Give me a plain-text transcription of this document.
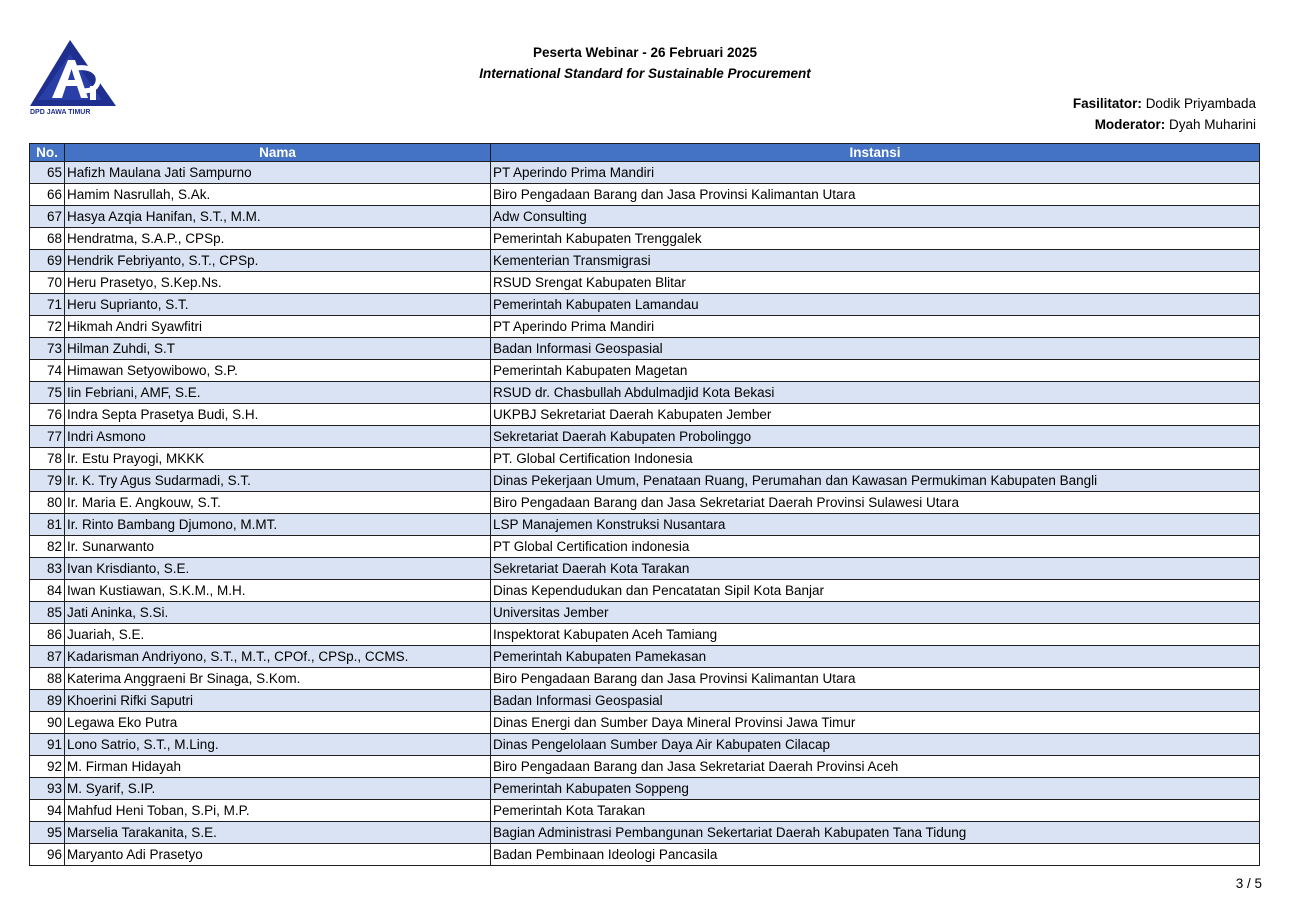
DPD JAWA TIMUR
Peserta Webinar - 26 Februari 2025
International Standard for Sustainable Procurement
Fasilitator: Dodik Priyambada
Moderator: Dyah Muharini
No.	Nama	Instansi
65	Hafizh Maulana Jati Sampurno	PT Aperindo Prima Mandiri
66	Hamim Nasrullah, S.Ak.	Biro Pengadaan Barang dan Jasa Provinsi Kalimantan Utara
67	Hasya Azqia Hanifan, S.T., M.M.	Adw Consulting
68	Hendratma, S.A.P., CPSp.	Pemerintah Kabupaten Trenggalek
69	Hendrik Febriyanto, S.T., CPSp.	Kementerian Transmigrasi
70	Heru Prasetyo, S.Kep.Ns.	RSUD Srengat Kabupaten Blitar
71	Heru Suprianto, S.T.	Pemerintah Kabupaten Lamandau
72	Hikmah Andri Syawfitri	PT Aperindo Prima Mandiri
73	Hilman Zuhdi, S.T	Badan Informasi Geospasial
74	Himawan Setyowibowo, S.P.	Pemerintah Kabupaten Magetan
75	Iin Febriani, AMF, S.E.	RSUD dr. Chasbullah Abdulmadjid Kota Bekasi
76	Indra Septa Prasetya Budi, S.H.	UKPBJ Sekretariat Daerah Kabupaten Jember
77	Indri Asmono	Sekretariat Daerah Kabupaten Probolinggo
78	Ir. Estu Prayogi, MKKK	PT. Global Certification Indonesia
79	Ir. K. Try Agus Sudarmadi, S.T.	Dinas Pekerjaan Umum, Penataan Ruang, Perumahan dan Kawasan Permukiman Kabupaten Bangli
80	Ir. Maria E. Angkouw, S.T.	Biro Pengadaan Barang dan Jasa Sekretariat Daerah Provinsi Sulawesi Utara
81	Ir. Rinto Bambang Djumono, M.MT.	LSP Manajemen Konstruksi Nusantara
82	Ir. Sunarwanto	PT Global Certification indonesia
83	Ivan Krisdianto, S.E.	Sekretariat Daerah Kota Tarakan
84	Iwan Kustiawan, S.K.M., M.H.	Dinas Kependudukan dan Pencatatan Sipil Kota Banjar
85	Jati Aninka, S.Si.	Universitas Jember
86	Juariah, S.E.	Inspektorat Kabupaten Aceh Tamiang
87	Kadarisman Andriyono, S.T., M.T., CPOf., CPSp., CCMS.	Pemerintah Kabupaten Pamekasan
88	Katerima Anggraeni Br Sinaga, S.Kom.	Biro Pengadaan Barang dan Jasa Provinsi Kalimantan Utara
89	Khoerini Rifki Saputri	Badan Informasi Geospasial
90	Legawa Eko Putra	Dinas Energi dan Sumber Daya Mineral Provinsi Jawa Timur
91	Lono Satrio, S.T., M.Ling.	Dinas Pengelolaan Sumber Daya Air Kabupaten Cilacap
92	M. Firman Hidayah	Biro Pengadaan Barang dan Jasa Sekretariat Daerah Provinsi Aceh
93	M. Syarif, S.IP.	Pemerintah Kabupaten Soppeng
94	Mahfud Heni Toban, S.Pi, M.P.	Pemerintah Kota Tarakan
95	Marselia Tarakanita, S.E.	Bagian Administrasi Pembangunan Sekertariat Daerah Kabupaten Tana Tidung
96	Maryanto Adi Prasetyo	Badan Pembinaan Ideologi Pancasila
3 / 5
